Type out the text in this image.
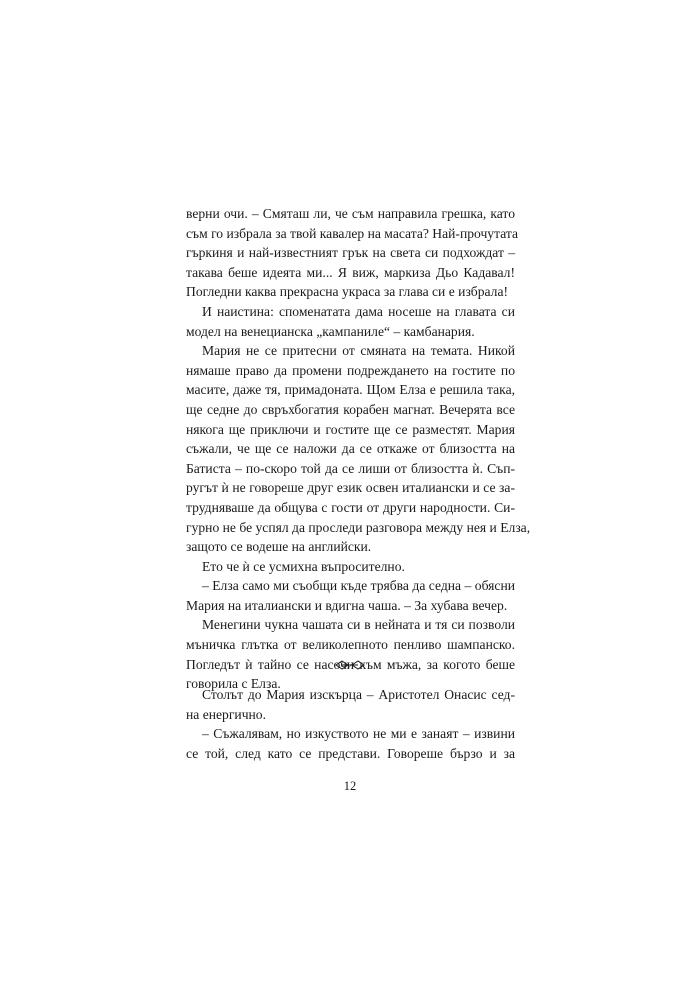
верни очи. – Смяташ ли, че съм направила грешка, като
съм го избрала за твой кавалер на масата? Най-прочутата
гъркиня и най-известният грък на света си подхождат –
такава беше идеята ми... Я виж, маркиза Дьо Кадавал!
Погледни каква прекрасна украса за глава си е избрала!
И наистина: споменатата дама носеше на главата си
модел на венецианска „кампаниле“ – камбанария.
Мария не се притесни от смяната на темата. Никой
нямаше право да промени подреждането на гостите по
масите, даже тя, примадоната. Щом Елза е решила така,
ще седне до свръхбогатия корабен магнат. Вечерята все
някога ще приключи и гостите ще се разместят. Мария
съжали, че ще се наложи да се откаже от близостта на
Батиста – по-скоро той да се лиши от близостта ѝ. Съп-
ругът ѝ не говореше друг език освен италиански и се за-
трудняваше да общува с гости от други народности. Си-
гурно не бе успял да проследи разговора между нея и Елза,
защото се водеше на английски.
Ето че ѝ се усмихна въпросително.
– Елза само ми съобщи къде трябва да седна – обясни
Мария на италиански и вдигна чаша. – За хубава вечер.
Менегини чукна чашата си в нейната и тя си позволи
мъничка глътка от великолепното пенливо шампанско.
Погледът ѝ тайно се насочи към мъжа, за когото беше
говорила с Елза.
Столът до Мария изскърца – Аристотел Онасис сед-
на енергично.
– Съжалявам, но изкуството не ми е занаят – извини
се той, след като се представи. Говореше бързо и за
12
